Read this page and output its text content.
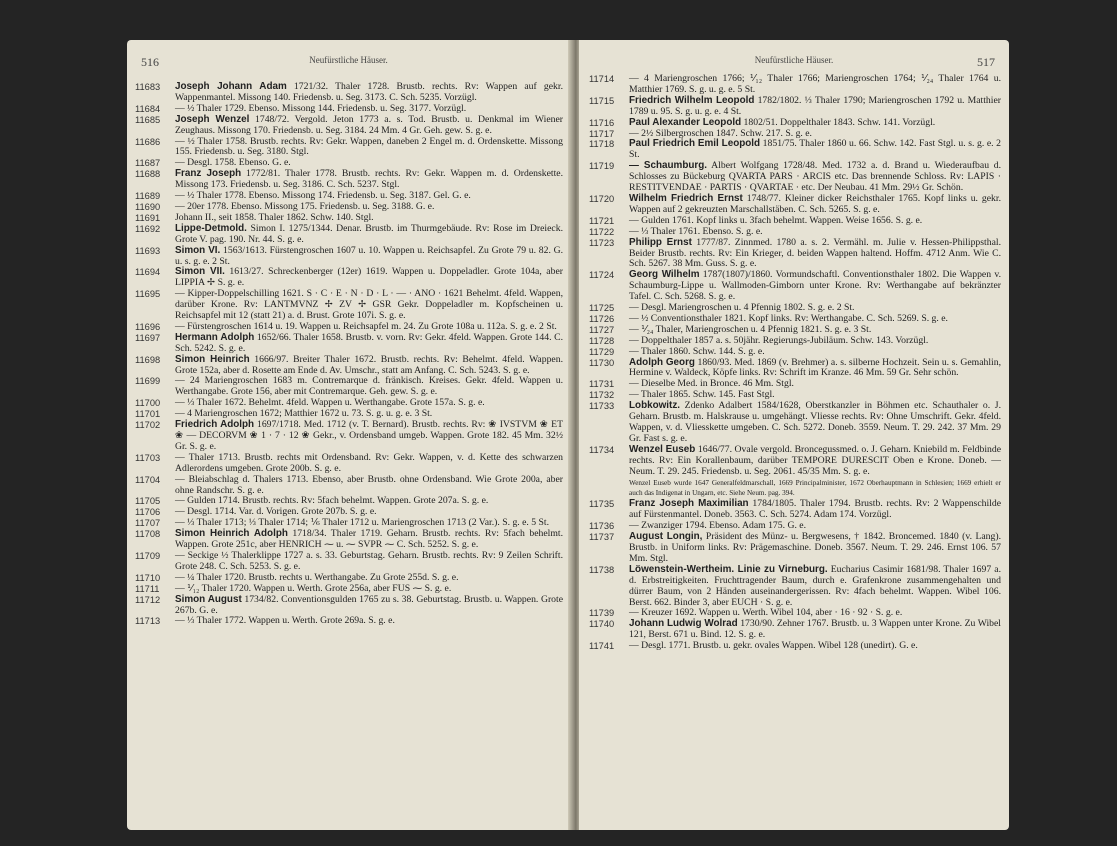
516	Neufürstliche Häuser.
11683 Joseph Johann Adam 1721/32. Thaler 1728. Brustb. rechts. Rv: Wappen auf gekr. Wappenmantel. Missong 140. Friedensb. u. Seg. 3173. C. Sch. 5235. Vorzügl.
11684 — ½ Thaler 1729. Ebenso. Missong 144. Friedensb. u. Seg. 3177. Vorzügl.
11685 Joseph Wenzel 1748/72. Vergold. Jeton 1773 a. s. Tod. Brustb. u. Denkmal im Wiener Zeughaus. Missong 170. Friedensb. u. Seg. 3184. 24 Mm. 4 Gr. Geh. gew. S. g. e.
11686 — ½ Thaler 1758. Brustb. rechts. Rv: Gekr. Wappen, daneben 2 Engel m. d. Ordenskette. Missong 155. Friedensb. u. Seg. 3180. Stgl.
11687 — Desgl. 1758. Ebenso. G. e.
11688 Franz Joseph 1772/81. Thaler 1778. Brustb. rechts. Rv: Gekr. Wappen m. d. Ordenskette. Missong 173. Friedensb. u. Seg. 3186. C. Sch. 5237. Stgl.
11689 — ½ Thaler 1778. Ebenso. Missong 174. Friedensb. u. Seg. 3187. Gel. G. e.
11690 — 20er 1778. Ebenso. Missong 175. Friedensb. u. Seg. 3188. G. e.
11691 Johann II., seit 1858. Thaler 1862. Schw. 140. Stgl.
11692 Lippe-Detmold. Simon I. 1275/1344. Denar. Brustb. im Thurmgebäude. Rv: Rose im Dreieck. Grote V. pag. 190. Nr. 44. S. g. e.
11693 Simon VI. 1563/1613. Fürstengroschen 1607 u. 10. Wappen u. Reichsapfel. Zu Grote 79 u. 82. G. u. s. g. e. 2 St.
11694 Simon VII. 1613/27. Schreckenberger (12er) 1619. Wappen u. Doppeladler. Grote 104a, aber LIPPIA ✢ S. g. e.
11695 — Kipper-Doppelschilling 1621. S · C · E · N · D · L · — · ANO · 1621 Behelmt. 4feld. Wappen, darüber Krone. Rv: LANTMVNZ ✢ ZV ✢ GSR Gekr. Doppeladler m. Kopfscheinen u. Reichsapfel mit 12 (statt 21) a. d. Brust. Grote 107i. S. g. e.
11696 — Fürstengroschen 1614 u. 19. Wappen u. Reichsapfel m. 24. Zu Grote 108a u. 112a. S. g. e. 2 St.
11697 Hermann Adolph 1652/66. Thaler 1658. Brustb. v. vorn. Rv: Gekr. 4feld. Wappen. Grote 144. C. Sch. 5242. S. g. e.
11698 Simon Heinrich 1666/97. Breiter Thaler 1672. Brustb. rechts. Rv: Behelmt. 4feld. Wappen. Grote 152a, aber d. Rosette am Ende d. Av. Umschr., statt am Anfang. C. Sch. 5243. S. g. e.
11699 — 24 Mariengroschen 1683 m. Contremarque d. fränkisch. Kreises. Gekr. 4feld. Wappen u. Werthangabe. Grote 156, aber mit Contremarque. Geh. gew. S. g. e.
11700 — ⅓ Thaler 1672. Behelmt. 4feld. Wappen u. Werthangabe. Grote 157a. S. g. e.
11701 — 4 Mariengroschen 1672; Matthier 1672 u. 73. S. g. u. g. e. 3 St.
11702 Friedrich Adolph 1697/1718. Med. 1712 (v. T. Bernard). Brustb. rechts. Rv: ❀ IVSTVM ❀ ET ❀ — DECORVM ❀ 1 · 7 · 12 ❀ Gekr., v. Ordensband umgeb. Wappen. Grote 182. 45 Mm. 32½ Gr. S. g. e.
11703 — Thaler 1713. Brustb. rechts mit Ordensband. Rv: Gekr. Wappen, v. d. Kette des schwarzen Adlerordens umgeben. Grote 200b. S. g. e.
11704 — Bleiabschlag d. Thalers 1713. Ebenso, aber Brustb. ohne Ordensband. Wie Grote 200a, aber ohne Randschr. S. g. e.
11705 — Gulden 1714. Brustb. rechts. Rv: 5fach behelmt. Wappen. Grote 207a. S. g. e.
11706 — Desgl. 1714. Var. d. Vorigen. Grote 207b. S. g. e.
11707 — ⅓ Thaler 1713; ⅓ Thaler 1714; ⅙ Thaler 1712 u. Mariengroschen 1713 (2 Var.). S. g. e. 5 St.
11708 Simon Heinrich Adolph 1718/34. Thaler 1719. Geharn. Brustb. rechts. Rv: 5fach behelmt. Wappen. Grote 251c, aber HENRICH ⁓ u. ⁓ SVPR ⁓ C. Sch. 5252. S. g. e.
11709 — Seckige ½ Thalerklippe 1727 a. s. 33. Geburtstag. Geharn. Brustb. rechts. Rv: 9 Zeilen Schrift. Grote 248. C. Sch. 5253. S. g. e.
11710 — ¼ Thaler 1720. Brustb. rechts u. Werthangabe. Zu Grote 255d. S. g. e.
11711 — ⅟₁₂ Thaler 1720. Wappen u. Werth. Grote 256a, aber FUS ⁓ S. g. e.
11712 Simon August 1734/82. Conventionsgulden 1765 zu s. 38. Geburtstag. Brustb. u. Wappen. Grote 267b. G. e.
11713 — ⅓ Thaler 1772. Wappen u. Werth. Grote 269a. S. g. e.
Neufürstliche Häuser.	517
11714 — 4 Mariengroschen 1766; ⅟₁₂ Thaler 1766; Mariengroschen 1764; ⅟₂₄ Thaler 1764 u. Matthier 1769. S. g. u. g. e. 5 St.
11715 Friedrich Wilhelm Leopold 1782/1802. ⅓ Thaler 1790; Mariengroschen 1792 u. Matthier 1789 u. 95. S. g. u. g. e. 4 St.
11716 Paul Alexander Leopold 1802/51. Doppelthaler 1843. Schw. 141. Vorzügl.
11717 — 2½ Silbergroschen 1847. Schw. 217. S. g. e.
11718 Paul Friedrich Emil Leopold 1851/75. Thaler 1860 u. 66. Schw. 142. Fast Stgl. u. s. g. e. 2 St.
11719 — Schaumburg. Albert Wolfgang 1728/48. Med. 1732 a. d. Brand u. Wiederaufbau d. Schlosses zu Bückeburg QVARTA PARS · ARCIS etc. Das brennende Schloss. Rv: LAPIS · RESTITVENDAE · PARTIS · QVARTAE · etc. Der Neubau. 41 Mm. 29½ Gr. Schön.
11720 Wilhelm Friedrich Ernst 1748/77. Kleiner dicker Reichsthaler 1765. Kopf links u. gekr. Wappen auf 2 gekreuzten Marschallstäben. C. Sch. 5265. S. g. e.
11721 — Gulden 1761. Kopf links u. 3fach behelmt. Wappen. Weise 1656. S. g. e.
11722 — ⅓ Thaler 1761. Ebenso. S. g. e.
11723 Philipp Ernst 1777/87. Zinnmed. 1780 a. s. 2. Vermähl. m. Julie v. Hessen-Philippsthal. Beider Brustb. rechts. Rv: Ein Krieger, d. beiden Wappen haltend. Hoffm. 4712 Anm. Wie C. Sch. 5267. 38 Mm. Guss. S. g. e.
11724 Georg Wilhelm 1787(1807)/1860. Vormundschaftl. Conventionsthaler 1802. Die Wappen v. Schaumburg-Lippe u. Wallmoden-Gimborn unter Krone. Rv: Werthangabe auf bekränzter Tafel. C. Sch. 5268. S. g. e.
11725 — Desgl. Mariengroschen u. 4 Pfennig 1802. S. g. e. 2 St.
11726 — ½ Conventionsthaler 1821. Kopf links. Rv: Werthangabe. C. Sch. 5269. S. g. e.
11727 — ⅟₂₄ Thaler, Mariengroschen u. 4 Pfennig 1821. S. g. e. 3 St.
11728 — Doppelthaler 1857 a. s. 50jähr. Regierungs-Jubiläum. Schw. 143. Vorzügl.
11729 — Thaler 1860. Schw. 144. S. g. e.
11730 Adolph Georg 1860/93. Med. 1869 (v. Brehmer) a. s. silberne Hochzeit. Sein u. s. Gemahlin, Hermine v. Waldeck, Köpfe links. Rv: Schrift im Kranze. 46 Mm. 59 Gr. Sehr schön.
11731 — Dieselbe Med. in Bronce. 46 Mm. Stgl.
11732 — Thaler 1865. Schw. 145. Fast Stgl.
11733 Lobkowitz. Zdenko Adalbert 1584/1628, Oberstkanzler in Böhmen etc. Schauthaler o. J. Geharn. Brustb. m. Halskrause u. umgehängt. Vliesse rechts. Rv: Ohne Umschrift. Gekr. 4feld. Wappen, v. d. Vliesskette umgeben. C. Sch. 5272. Doneb. 3559. Neum. T. 29. 242. 37 Mm. 29 Gr. Fast s. g. e.
11734 Wenzel Euseb 1646/77. Ovale vergold. Broncegussmed. o. J. Geharn. Kniebild m. Feldbinde rechts. Rv: Ein Korallenbaum, darüber TEMPORE DURESCIT Oben e Krone. Doneb. — Neum. T. 29. 245. Friedensb. u. Seg. 2061. 45/35 Mm. S. g. e.
Wenzel Euseb wurde 1647 Generalfeldmarschall, 1669 Principalminister, 1672 Oberhauptmann in Schlesien; 1669 erhielt er auch das Indigenat in Ungarn, etc. Siehe Neum. pag. 394.
11735 Franz Joseph Maximilian 1784/1805. Thaler 1794. Brustb. rechts. Rv: 2 Wappenschilde auf Fürstenmantel. Doneb. 3563. C. Sch. 5274. Adam 174. Vorzügl.
11736 — Zwanziger 1794. Ebenso. Adam 175. G. e.
11737 August Longin, Präsident des Münz- u. Bergwesens, † 1842. Broncemed. 1840 (v. Lang). Brustb. in Uniform links. Rv: Prägemaschine. Doneb. 3567. Neum. T. 29. 246. Ernst 106. 57 Mm. Stgl.
11738 Löwenstein-Wertheim. Linie zu Virneburg. Eucharius Casimir 1681/98. Thaler 1697 a. d. Erbstreitigkeiten. Fruchttragender Baum, durch e. Grafenkrone zusammengehalten und dürrer Baum, von 2 Händen auseinandergerissen. Rv: 4fach behelmt. Wappen. Wibel 106. Berst. 662. Binder 3, aber EUCH · S. g. e.
11739 — Kreuzer 1692. Wappen u. Werth. Wibel 104, aber · 16 · 92 · S. g. e.
11740 Johann Ludwig Wolrad 1730/90. Zehner 1767. Brustb. u. 3 Wappen unter Krone. Zu Wibel 121, Berst. 671 u. Bind. 12. S. g. e.
11741 — Desgl. 1771. Brustb. u. gekr. ovales Wappen. Wibel 128 (unedirt). G. e.
